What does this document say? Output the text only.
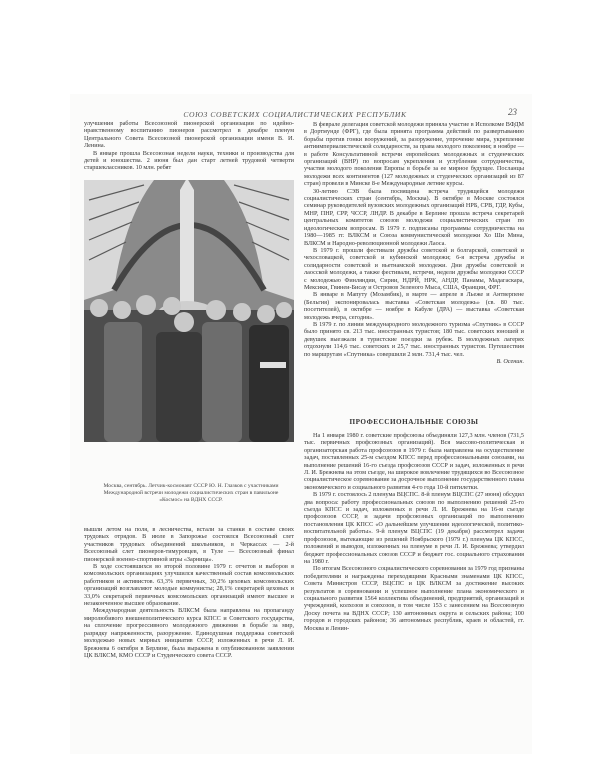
СОЮЗ СОВЕТСКИХ СОЦИАЛИСТИЧЕСКИХ РЕСПУБЛИК	23

улучшения работы Всесоюзной пионерской организации по идейно-нравственному воспитанию пионеров рассмотрел в декабре пленум Центрального Совета Всесоюзной пионерской организации имени В. И. Ленина.

В январе прошла Всесоюзная неделя науки, техники и производства для детей и юношества. 2 июня был дан старт летней трудовой четверти старшеклассников. 10 млн. ребят

Москва, сентябрь. Летчик-космонавт СССР Ю. Н. Глазков с участниками Международной встречи молодежи социалистических стран в павильоне «Космос» на ВДНХ СССР.

вышли летом на поля, в лесничества, встали за станки в составе своих трудовых отрядов. В июле в Запорожье состоялся Всесоюзный слет участников трудовых объединений школьников, в Черкассах — 2-й Всесоюзный слет пионеров-тимуровцев, в Туле — Всесоюзный финал пионерской военно-спортивной игры «Зарница».

В ходе состоявшихся во второй половине 1979 г. отчетов и выборов в комсомольских организациях улучшился качественный состав комсомольских работников и активистов. 63,3% первичных, 30,2% цеховых комсомольских организаций возглавляют молодые коммунисты; 28,1% секретарей цеховых и 33,0% секретарей первичных комсомольских организаций имеют высшее и незаконченное высшее образование.

Международная деятельность ВЛКСМ была направлена на пропаганду миролюбивого внешнеполитического курса КПСС и Советского государства, на сплочение прогрессивного молодежного движения в борьбе за мир, разрядку напряженности, разоружение. Единодушная поддержка советской молодежью новых мирных инициатив СССР, изложенных в речи Л. И. Брежнева 6 октября в Берлине, была выражена в опубликованном заявлении ЦК ВЛКСМ, КМО СССР и Студенческого совета СССР.

В феврале делегация советской молодежи приняла участие в Исполкоме ВФДМ в Дортмунде (ФРГ), где была принята программа действий по развертыванию борьбы против гонки вооружений, за разоружение, упрочение мира, укрепление антиимпериалистической солидарности, за права молодого поколения; в ноябре — в работе Консультативной встречи европейских молодежных и студенческих организаций (ВНР) по вопросам укрепления и углубления сотрудничества, участия молодого поколения Европы в борьбе за ее мирное будущее. Посланцы молодежи всех континентов (127 молодежных и студенческих организаций из 87 стран) провели в Минске 8-е Международные летние курсы.

30-летию СЭВ была посвящена встреча трудящейся молодежи социалистических стран (сентябрь, Москва). В октябре в Москве состоялся семинар руководителей вузовских молодежных организаций НРБ, СРВ, ГДР, Кубы, МНР, ПНР, СРР, ЧССР, ЛНДР. В декабре в Берлине прошла встреча секретарей центральных комитетов союзов молодежи социалистических стран по идеологическим вопросам. В 1979 г. подписаны программы сотрудничества на 1980—1985 гг. ВЛКСМ и Союза коммунистической молодежи Хо Ши Мина, ВЛКСМ и Народно-революционной молодежи Лаоса.

В 1979 г. прошли фестивали дружбы советской и болгарской, советской и чехословацкой, советской и кубинской молодежи; 6-я встреча дружбы и солидарности советской и вьетнамской молодежи. Дни дружбы советской и лаосской молодежи, а также фестивали, встречи, недели дружбы молодежи СССР с молодежью Финляндии, Сирии, НДРЙ, НРК, АНДР, Панамы, Мадагаскара, Мексики, Гвинеи-Бисау и Островов Зеленого Мыса, США, Франции, ФРГ.

В январе в Мапуту (Мозамбик), в марте — апреле в Льеже и Антверпене (Бельгия) экспонировалась выставка «Советская молодежь» (св. 80 тыс. посетителей), в октябре — ноябре в Кабуле (ДРА) — выставка «Советская молодежь вчера, сегодня».

В 1979 г. по линии международного молодежного туризма «Спутник» в СССР было принято св. 213 тыс. иностранных туристов; 180 тыс. советских юношей и девушек выезжали в туристские поездки за рубеж. В молодежных лагерях отдохнули 114,6 тыс. советских и 25,7 тыс. иностранных туристов. Путешествия по маршрутам «Спутника» совершили 2 млн. 731,4 тыс. чел.

В. Осенин.

ПРОФЕССИОНАЛЬНЫЕ СОЮЗЫ

На 1 января 1980 г. советские профсоюзы объединяли 127,3 млн. членов (731,5 тыс. первичных профсоюзных организаций). Вся массово-политическая и организаторская работа профсоюзов в 1979 г. была направлена на осуществление задач, поставленных 25-м съездом КПСС перед профессиональными союзами, на выполнение решений 16-го съезда профсоюзов СССР и задач, изложенных в речи Л. И. Брежнева на этом съезде, на широкое вовлечение трудящихся во Всесоюзное социалистическое соревнование за досрочное выполнение государственного плана экономического и социального развития 4-го года 10-й пятилетки.

В 1979 г. состоялось 2 пленума ВЦСПС. 8-й пленум ВЦСПС (27 июня) обсудил два вопроса: работу профессиональных союзов по выполнению решений 25-го съезда КПСС и задач, изложенных в речи Л. И. Брежнева на 16-м съезде профсоюзов СССР, и задачи профсоюзных организаций по выполнению постановления ЦК КПСС «О дальнейшем улучшении идеологической, политико-воспитательной работы». 9-й пленум ВЦСПС (19 декабря) рассмотрел задачи профсоюзов, вытекающие из решений Ноябрьского (1979 г.) пленума ЦК КПСС, положений и выводов, изложенных на пленуме в речи Л. И. Брежнева; утвердил бюджет профессиональных союзов СССР и бюджет гос. социального страхования на 1980 г.

По итогам Всесоюзного социалистического соревнования за 1979 год признаны победителями и награждены переходящими Красными знаменами ЦК КПСС, Совета Министров СССР, ВЦСПС и ЦК ВЛКСМ за достижение высоких результатов в соревновании и успешное выполнение плана экономического и социального развития 1564 коллектива объединений, предприятий, организаций и учреждений, колхозов и совхозов, в том числе 153 с занесением на Всесоюзную Доску почета на ВДНХ СССР; 130 автономных округа и сельских района; 100 городов и городских районов; 36 автономных республик, краев и областей, гг. Москва и Ленин-
